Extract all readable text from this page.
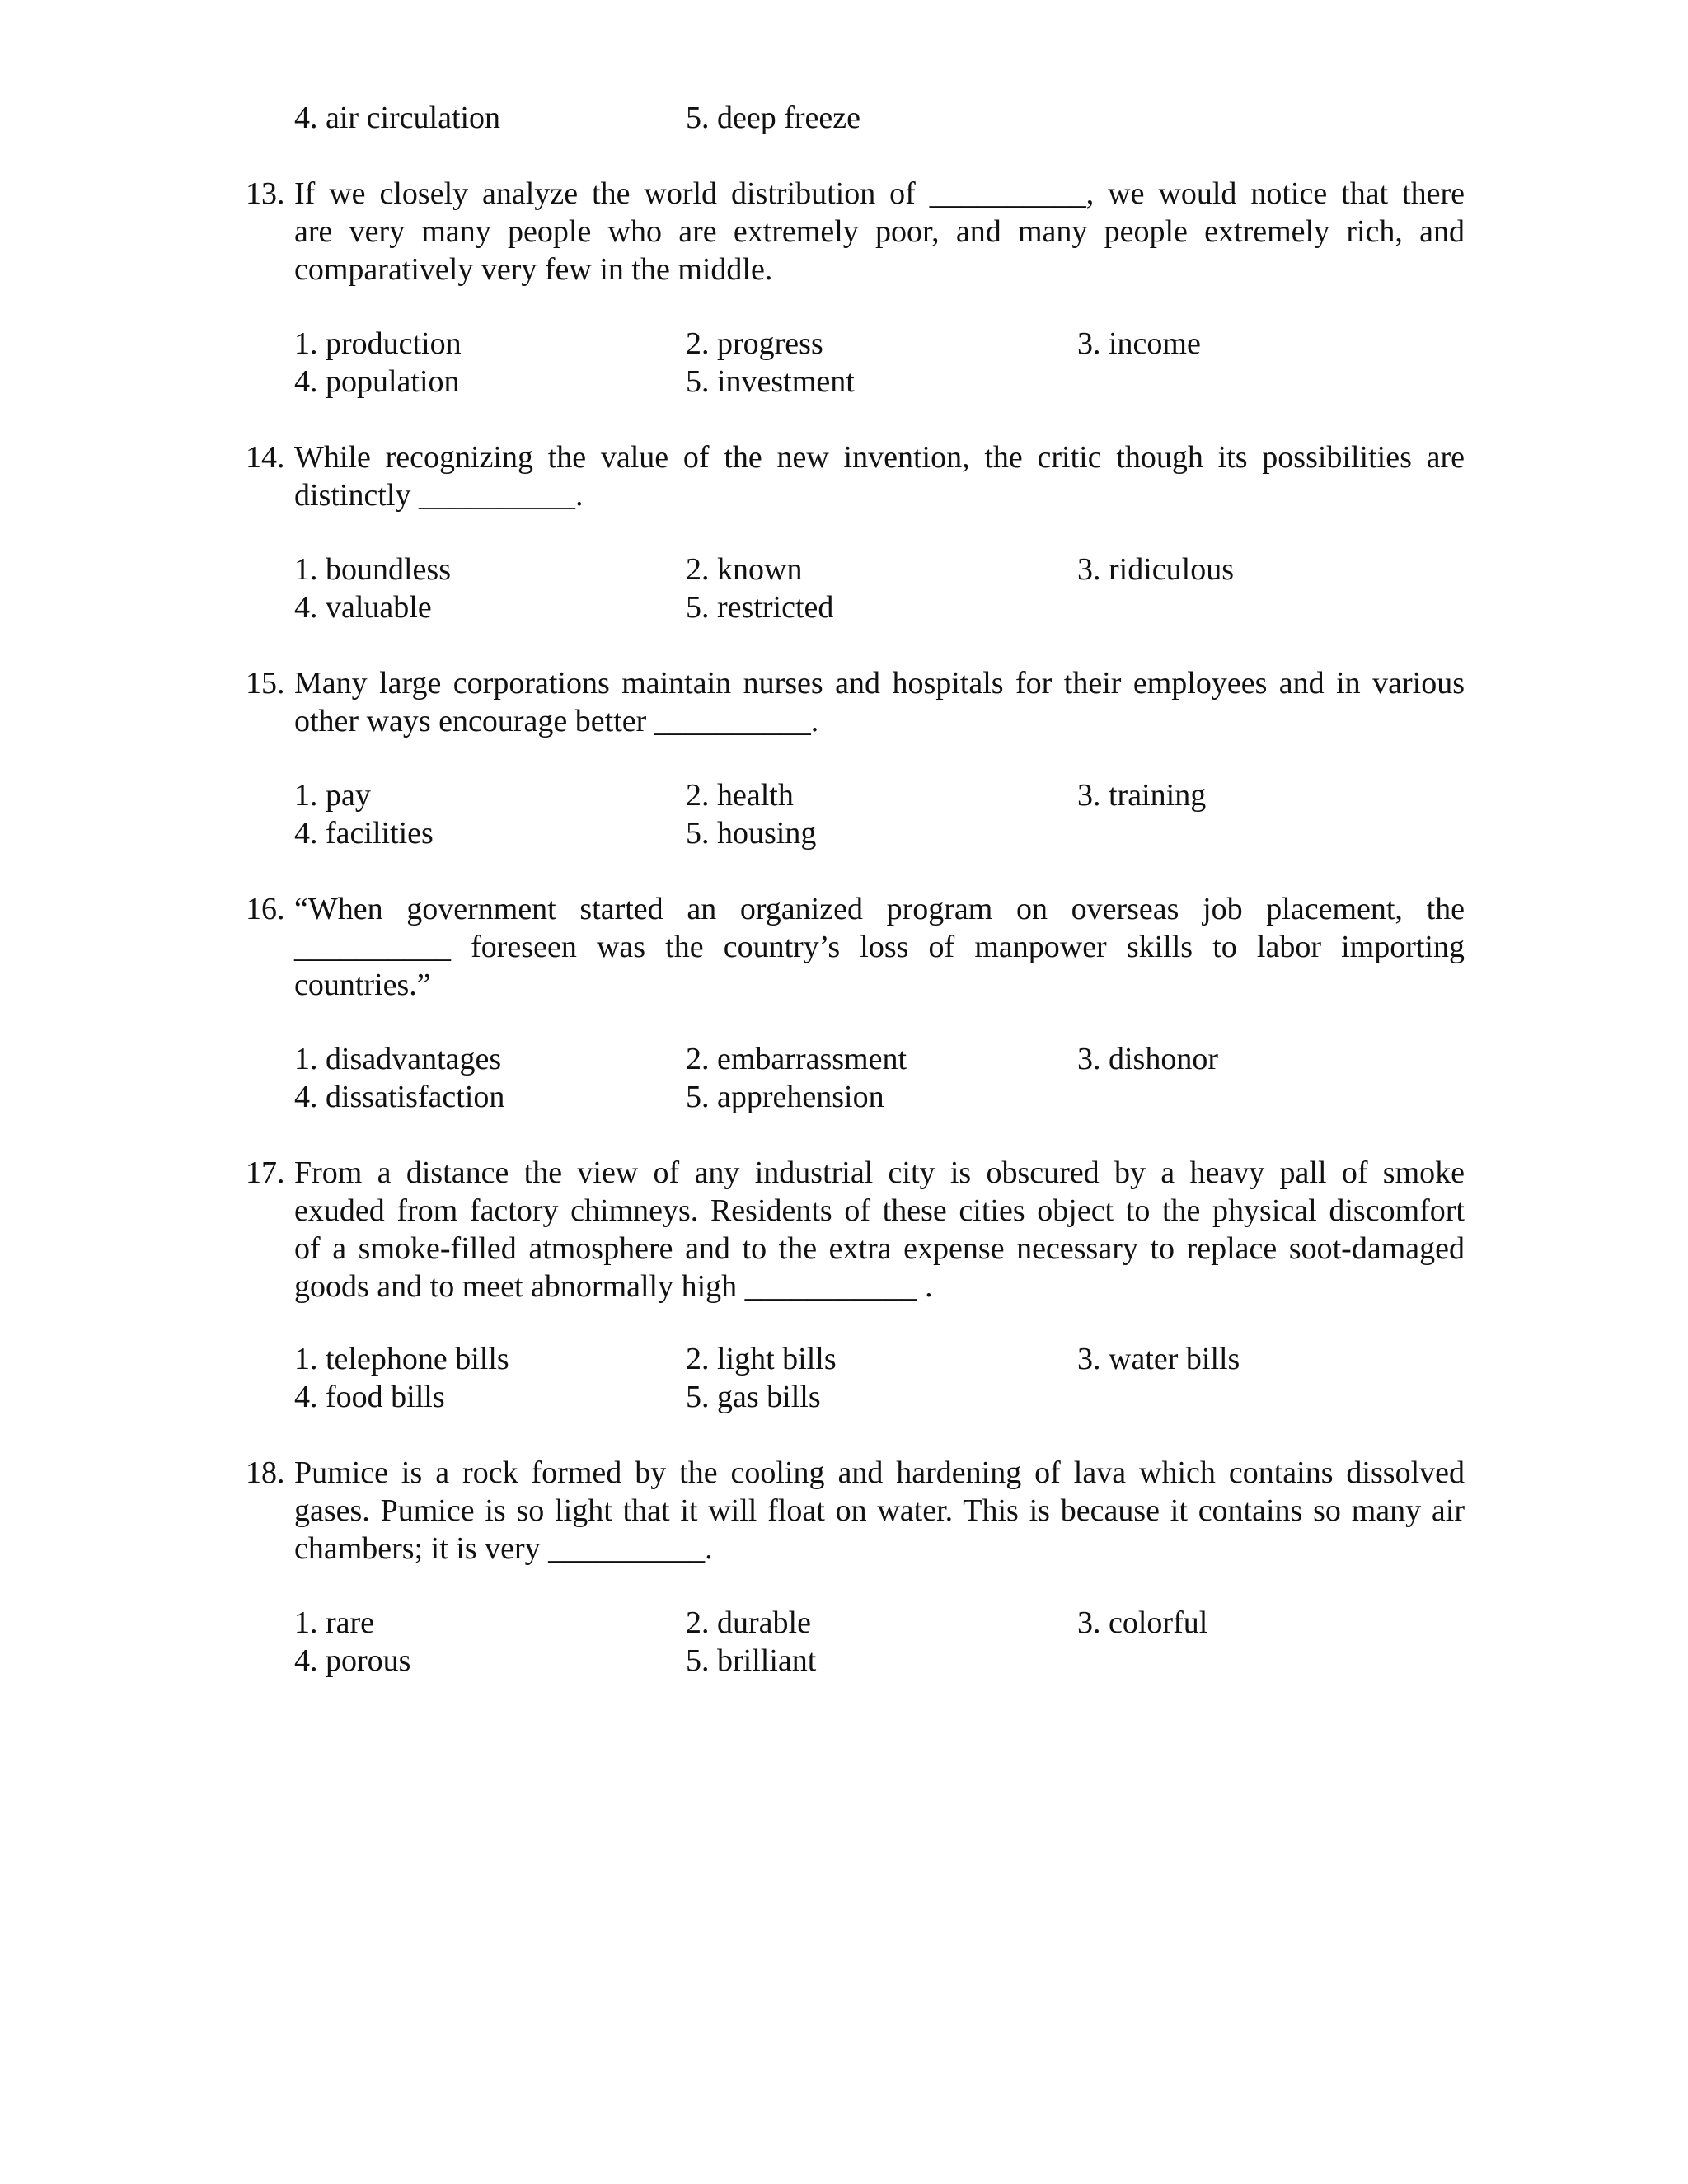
4. air circulation	5. deep freeze
13. If we closely analyze the world distribution of __________, we would notice that there
are very many people who are extremely poor, and many people extremely rich, and
comparatively very few in the middle.
1. production	2. progress	3. income
4. population	5. investment
14. While recognizing the value of the new invention, the critic though its possibilities are
distinctly __________.
1. boundless	2. known	3. ridiculous
4. valuable	5. restricted
15. Many large corporations maintain nurses and hospitals for their employees and in various
other ways encourage better __________.
1. pay	2. health	3. training
4. facilities	5. housing
16. “When government started an organized program on overseas job placement, the
__________ foreseen was the country’s loss of manpower skills to labor importing
countries.”
1. disadvantages	2. embarrassment	3. dishonor
4. dissatisfaction	5. apprehension
17. From a distance the view of any industrial city is obscured by a heavy pall of smoke
exuded from factory chimneys. Residents of these cities object to the physical discomfort
of a smoke-filled atmosphere and to the extra expense necessary to replace soot-damaged
goods and to meet abnormally high ___________ .
1. telephone bills	2. light bills	3. water bills
4. food bills	5. gas bills
18. Pumice is a rock formed by the cooling and hardening of lava which contains dissolved
gases. Pumice is so light that it will float on water. This is because it contains so many air
chambers; it is very __________.
1. rare	2. durable	3. colorful
4. porous	5. brilliant
